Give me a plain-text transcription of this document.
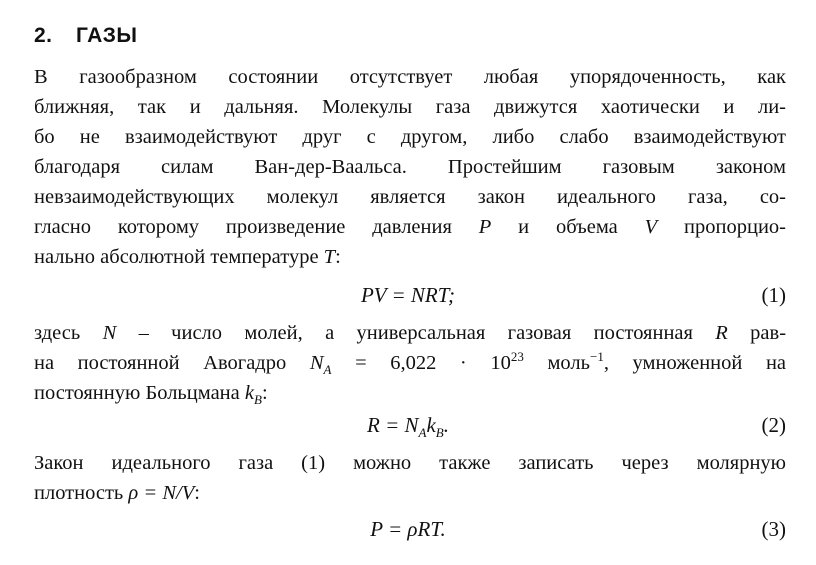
2. ГАЗЫ
В газообразном состоянии отсутствует любая упорядоченность, как
ближняя, так и дальняя. Молекулы газа движутся хаотически и ли-
бо не взаимодействуют друг с другом, либо слабо взаимодействуют
благодаря силам Ван-дер-Ваальса. Простейшим газовым законом
невзаимодействующих молекул является закон идеального газа, со-
гласно которому произведение давления P и объема V пропорцио-
нально абсолютной температуре T:
PV = NRT;	(1)
здесь N – число молей, а универсальная газовая постоянная R рав-
на постоянной Авогадро $N_A = 6,022 \cdot 10^{23}$ моль$^{-1}$, умноженной на
постоянную Больцмана $k_B$:
$R = N_Ak_B$.	(2)
Закон идеального газа (1) можно также записать через молярную
плотность ρ = N/V:
P = ρRT.	(3)
